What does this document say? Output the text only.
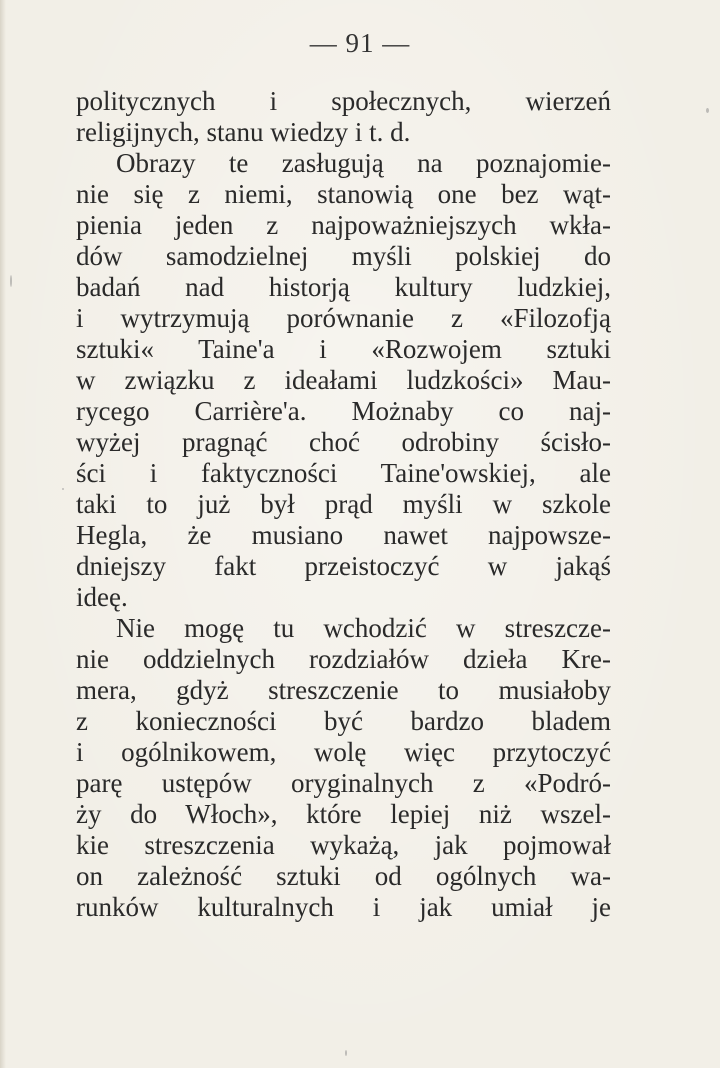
— 91 —
politycznych i społecznych, wierzeń
religijnych, stanu wiedzy i t. d.
Obrazy te zasługują na poznajomie-
nie się z niemi, stanowią one bez wąt-
pienia jeden z najpoważniejszych wkła-
dów samodzielnej myśli polskiej do
badań nad historją kultury ludzkiej,
i wytrzymują porównanie z «Filozofją
sztuki« Taine'a i «Rozwojem sztuki
w związku z ideałami ludzkości» Mau-
rycego Carrière'a. Możnaby co naj-
wyżej pragnąć choć odrobiny ścisło-
ści i faktyczności Taine'owskiej, ale
taki to już był prąd myśli w szkole
Hegla, że musiano nawet najpowsze-
dniejszy fakt przeistoczyć w jakąś
ideę.
Nie mogę tu wchodzić w streszcze-
nie oddzielnych rozdziałów dzieła Kre-
mera, gdyż streszczenie to musiałoby
z konieczności być bardzo bladem
i ogólnikowem, wolę więc przytoczyć
parę ustępów oryginalnych z «Podró-
ży do Włoch», które lepiej niż wszel-
kie streszczenia wykażą, jak pojmował
on zależność sztuki od ogólnych wa-
runków kulturalnych i jak umiał je
